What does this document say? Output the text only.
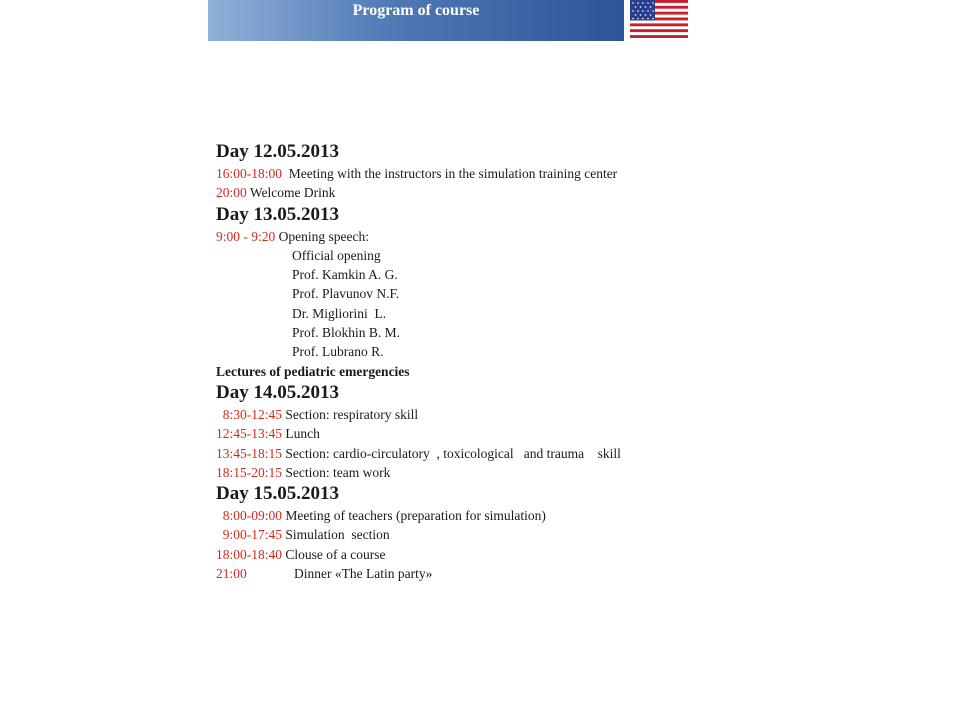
Program of course
Day 12.05.2013
16:00-18:00  Meeting with the instructors in the simulation training center
20:00 Welcome Drink
Day 13.05.2013
9:00 - 9:20 Opening speech:
Official opening
Prof. Kamkin A. G.
Prof. Plavunov N.F.
Dr. Migliorini  L.
Prof. Blokhin B. M.
Prof. Lubrano R.
Lectures of pediatric emergencies
Day 14.05.2013
8:30-12:45 Section: respiratory skill
12:45-13:45 Lunch
13:45-18:15 Section: cardio-circulatory  , toxicological   and trauma    skill
18:15-20:15 Section: team work
Day 15.05.2013
8:00-09:00 Meeting of teachers (preparation for simulation)
9:00-17:45 Simulation  section
18:00-18:40 Clouse of a course
21:00              Dinner «The Latin party»
